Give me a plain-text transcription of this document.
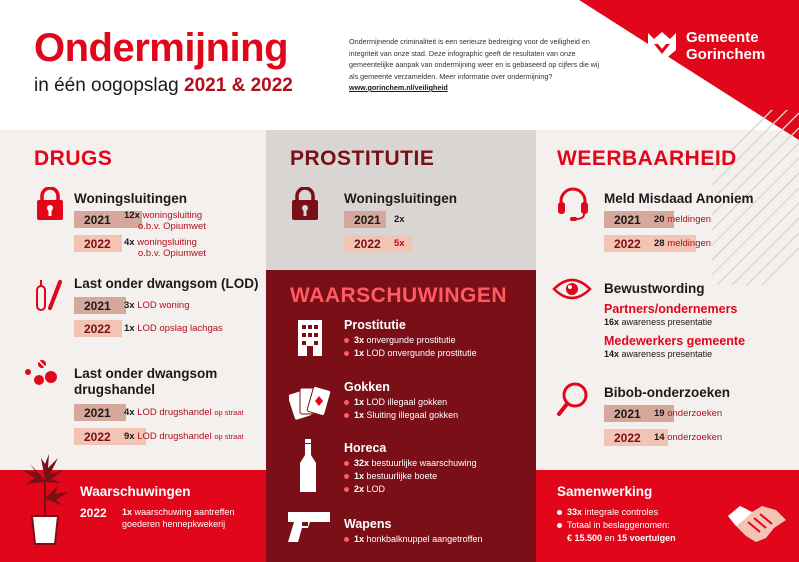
Ondermijning
in één oogopslag 2021 & 2022
Ondermijnende criminaliteit is een serieuze bedreiging voor de veiligheid en integriteit van onze stad. Deze infographic geeft de resultaten van onze gemeentelijke aanpak van ondermijning weer en is gebaseerd op cijfers die wij als gemeente verzamelden. Meer informatie over ondermijning? www.gorinchem.nl/veiligheid
Gemeente
Gorinchem
DRUGS
Woningsluitingen
2021 12x woningsluiting
o.b.v. Opiumwet
2022 4x woningsluiting
o.b.v. Opiumwet
Last onder dwangsom (LOD)
2021 3x LOD woning
2022 1x LOD opslag lachgas
Last onder dwangsom
drugshandel
2021 4x LOD drugshandel op straat
2022 9x LOD drugshandel op straat
Waarschuwingen
2022 1x waarschuwing aantreffen
goederen hennepkwekerij
PROSTITUTIE
Woningsluitingen
2021 2x
2022 5x
WAARSCHUWINGEN
Prostitutie
3x onvergunde prostitutie
1x LOD onvergunde prostitutie
Gokken
1x LOD illegaal gokken
1x Sluiting illegaal gokken
Horeca
32x bestuurlijke waarschuwing
1x bestuurlijke boete
2x LOD
Wapens
1x honkbalknuppel aangetroffen
WEERBAARHEID
Meld Misdaad Anoniem
2021 20 meldingen
2022 28 meldingen
Bewustwording
Partners/ondernemers
16x awareness presentatie
Medewerkers gemeente
14x awareness presentatie
Bibob-onderzoeken
2021 19 onderzoeken
2022 14 onderzoeken
Samenwerking
33x integrale controles
Totaal in beslaggenomen:
€ 15.500 en 15 voertuigen
